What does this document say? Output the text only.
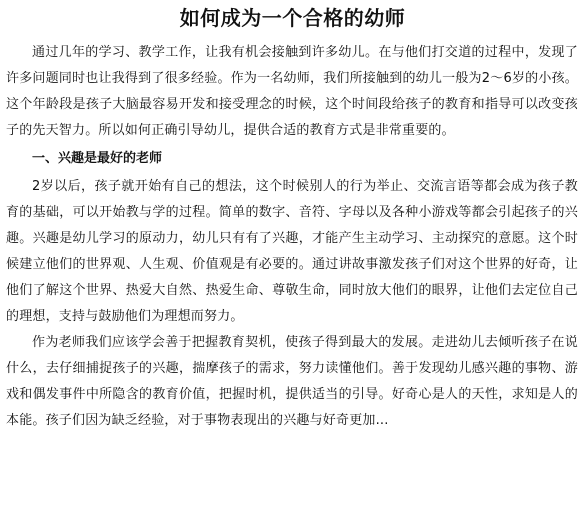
如何成为一个合格的幼师

通过几年的学习、教学工作，让我有机会接触到许多幼儿。在与他们打交道的过程中，发现了许多问题同时也让我得到了很多经验。作为一名幼师，我们所接触到的幼儿一般为2～6岁的小孩。这个年龄段是孩子大脑最容易开发和接受理念的时候，这个时间段给孩子的教育和指导可以改变孩子的先天智力。所以如何正确引导幼儿，提供合适的教育方式是非常重要的。

一、兴趣是最好的老师

2岁以后，孩子就开始有自己的想法，这个时候别人的行为举止、交流言语等都会成为孩子教育的基础，可以开始教与学的过程。简单的数字、音符、字母以及各种小游戏等都会引起孩子的兴趣。兴趣是幼儿学习的原动力，幼儿只有有了兴趣，才能产生主动学习、主动探究的意愿。这个时候建立他们的世界观、人生观、价值观是有必要的。通过讲故事激发孩子们对这个世界的好奇，让他们了解这个世界、热爱大自然、热爱生命、尊敬生命，同时放大他们的眼界，让他们去定位自己的理想，支持与鼓励他们为理想而努力。

作为老师我们应该学会善于把握教育契机，使孩子得到最大的发展。走进幼儿去倾听孩子在说什么，去仔细捕捉孩子的兴趣，揣摩孩子的需求，努力读懂他们。善于发现幼儿感兴趣的事物、游戏和偶发事件中所隐含的教育价值，把握时机，提供适当的引导。好奇心是人的天性，求知是人的本能。孩子们因为缺乏经验，对于事物表现出的兴趣与好奇更加...
